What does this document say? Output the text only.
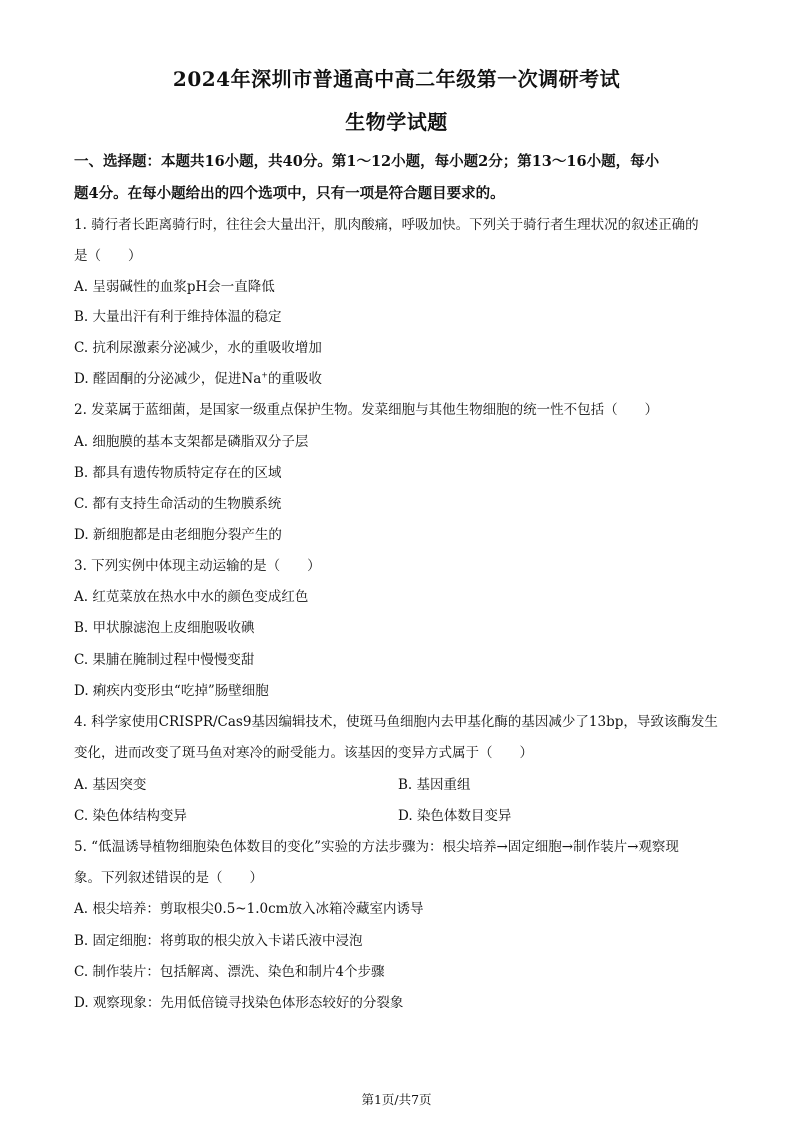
2024年深圳市普通高中高二年级第一次调研考试
生物学试题
一、选择题：本题共16小题，共40分。第1～12小题，每小题2分；第13～16小题，每小
题4分。在每小题给出的四个选项中，只有一项是符合题目要求的。
1. 骑行者长距离骑行时，往往会大量出汗，肌肉酸痛，呼吸加快。下列关于骑行者生理状况的叙述正确的
是（　　）
A. 呈弱碱性的血浆pH会一直降低
B. 大量出汗有利于维持体温的稳定
C. 抗利尿激素分泌减少，水的重吸收增加
D. 醛固酮的分泌减少，促进Na+的重吸收
2. 发菜属于蓝细菌，是国家一级重点保护生物。发菜细胞与其他生物细胞的统一性不包括（　　）
A. 细胞膜的基本支架都是磷脂双分子层
B. 都具有遗传物质特定存在的区域
C. 都有支持生命活动的生物膜系统
D. 新细胞都是由老细胞分裂产生的
3. 下列实例中体现主动运输的是（　　）
A. 红苋菜放在热水中水的颜色变成红色
B. 甲状腺滤泡上皮细胞吸收碘
C. 果脯在腌制过程中慢慢变甜
D. 痢疾内变形虫“吃掉”肠壁细胞
4. 科学家使用CRISPR/Cas9基因编辑技术，使斑马鱼细胞内去甲基化酶的基因减少了13bp，导致该酶发生
变化，进而改变了斑马鱼对寒冷的耐受能力。该基因的变异方式属于（　　）
A. 基因突变	B. 基因重组
C. 染色体结构变异	D. 染色体数目变异
5. “低温诱导植物细胞染色体数目的变化”实验的方法步骤为：根尖培养→固定细胞→制作装片→观察现
象。下列叙述错误的是（　　）
A. 根尖培养：剪取根尖0.5~1.0cm放入冰箱冷藏室内诱导
B. 固定细胞：将剪取的根尖放入卡诺氏液中浸泡
C. 制作装片：包括解离、漂洗、染色和制片4个步骤
D. 观察现象：先用低倍镜寻找染色体形态较好的分裂象
第1页/共7页
